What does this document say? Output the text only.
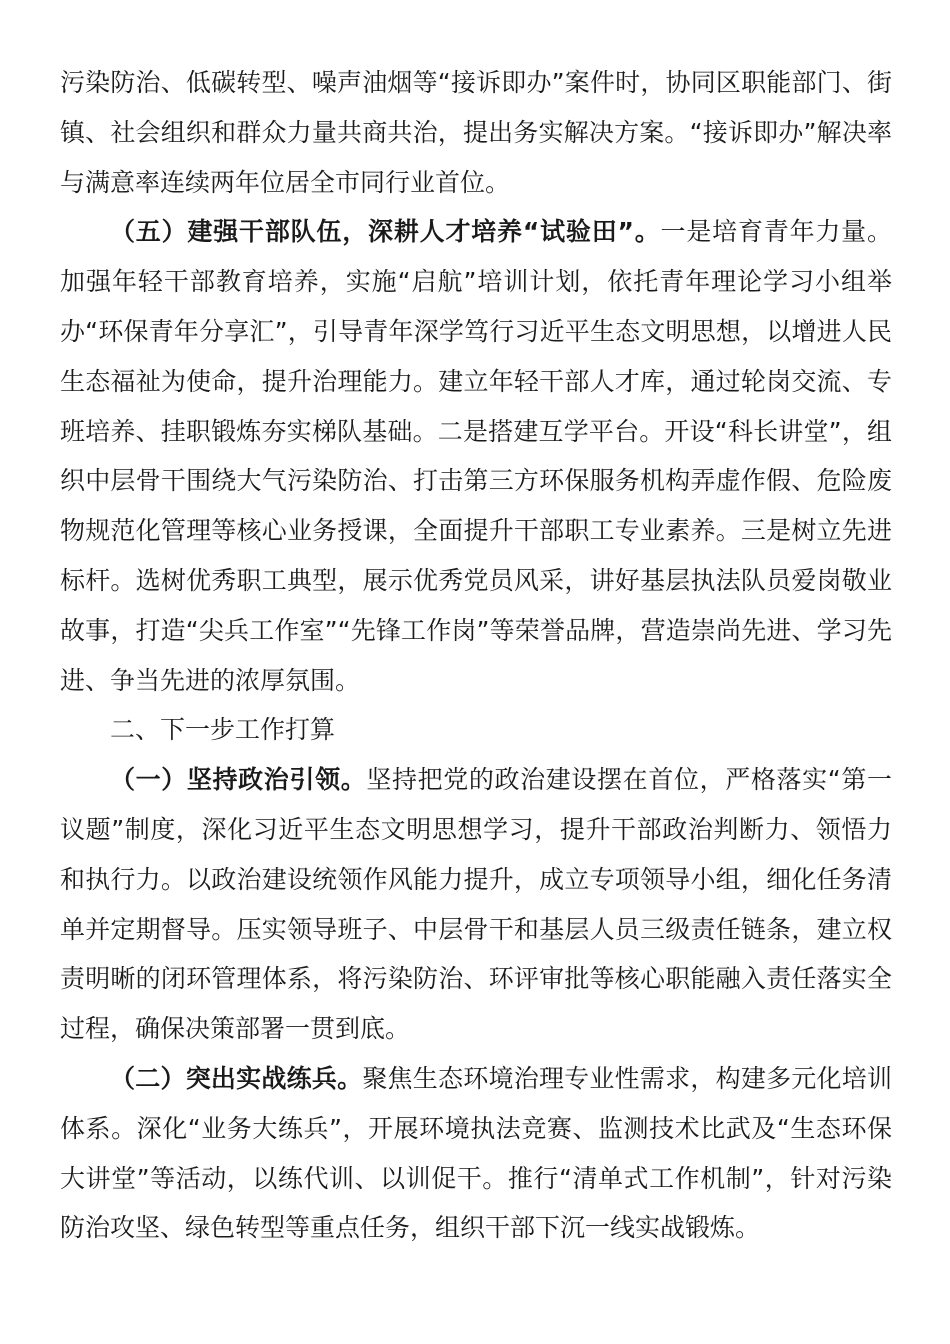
污染防治、低碳转型、噪声油烟等“接诉即办”案件时，协同区职能部门、街镇、社会组织和群众力量共商共治，提出务实解决方案。“接诉即办”解决率与满意率连续两年位居全市同行业首位。

（五）建强干部队伍，深耕人才培养“试验田”。一是培育青年力量。加强年轻干部教育培养，实施“启航”培训计划，依托青年理论学习小组举办“环保青年分享汇”，引导青年深学笃行习近平生态文明思想，以增进人民生态福祉为使命，提升治理能力。建立年轻干部人才库，通过轮岗交流、专班培养、挂职锻炼夯实梯队基础。二是搭建互学平台。开设“科长讲堂”，组织中层骨干围绕大气污染防治、打击第三方环保服务机构弄虚作假、危险废物规范化管理等核心业务授课，全面提升干部职工专业素养。三是树立先进标杆。选树优秀职工典型，展示优秀党员风采，讲好基层执法队员爱岗敬业故事，打造“尖兵工作室”“先锋工作岗”等荣誉品牌，营造崇尚先进、学习先进、争当先进的浓厚氛围。

二、下一步工作打算

（一）坚持政治引领。坚持把党的政治建设摆在首位，严格落实“第一议题”制度，深化习近平生态文明思想学习，提升干部政治判断力、领悟力和执行力。以政治建设统领作风能力提升，成立专项领导小组，细化任务清单并定期督导。压实领导班子、中层骨干和基层人员三级责任链条，建立权责明晰的闭环管理体系，将污染防治、环评审批等核心职能融入责任落实全过程，确保决策部署一贯到底。

（二）突出实战练兵。聚焦生态环境治理专业性需求，构建多元化培训体系。深化“业务大练兵”，开展环境执法竞赛、监测技术比武及“生态环保大讲堂”等活动，以练代训、以训促干。推行“清单式工作机制”，针对污染防治攻坚、绿色转型等重点任务，组织干部下沉一线实战锻炼。
